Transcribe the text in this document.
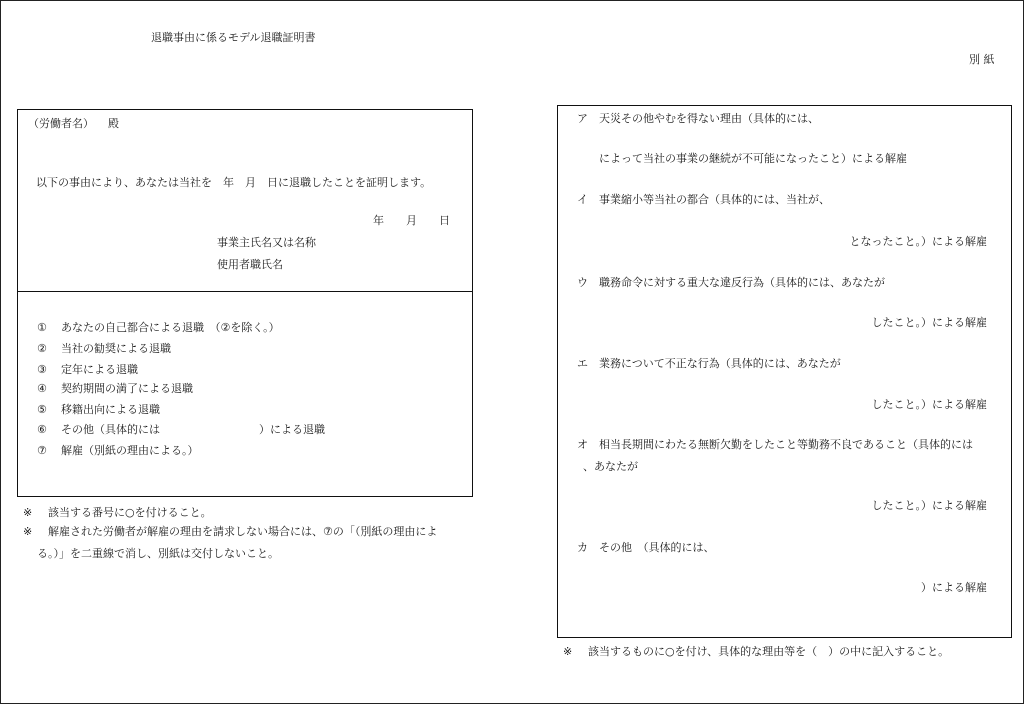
退職事由に係るモデル退職証明書
別 紙
（労働者名） 殿
以下の事由により、あなたは当社を　年　月　日に退職したことを証明します。
年　　月　　日
事業主氏名又は名称
使用者職氏名
① あなたの自己都合による退職　（②を除く。）
② 当社の勧奨による退職
③ 定年による退職
④ 契約期間の満了による退職
⑤ 移籍出向による退職
⑥ その他（具体的には　　　　　　　　　）による退職
⑦ 解雇（別紙の理由による。）
※ 該当する番号に○を付けること。
※ 解雇された労働者が解雇の理由を請求しない場合には、⑦の「（別紙の理由によ
る。）」を二重線で消し、別紙は交付しないこと。
ア 天災その他やむを得ない理由（具体的には、
によって当社の事業の継続が不可能になったこと）による解雇
イ 事業縮小等当社の都合（具体的には、当社が、
となったこと。）による解雇
ウ 職務命令に対する重大な違反行為（具体的には、あなたが
したこと。）による解雇
エ 業務について不正な行為（具体的には、あなたが
したこと。）による解雇
オ 相当長期間にわたる無断欠勤をしたこと等勤務不良であること（具体的には
、あなたが
したこと。）による解雇
カ その他　（具体的には、
）による解雇
※ 該当するものに○を付け、具体的な理由等を（　）の中に記入すること。
